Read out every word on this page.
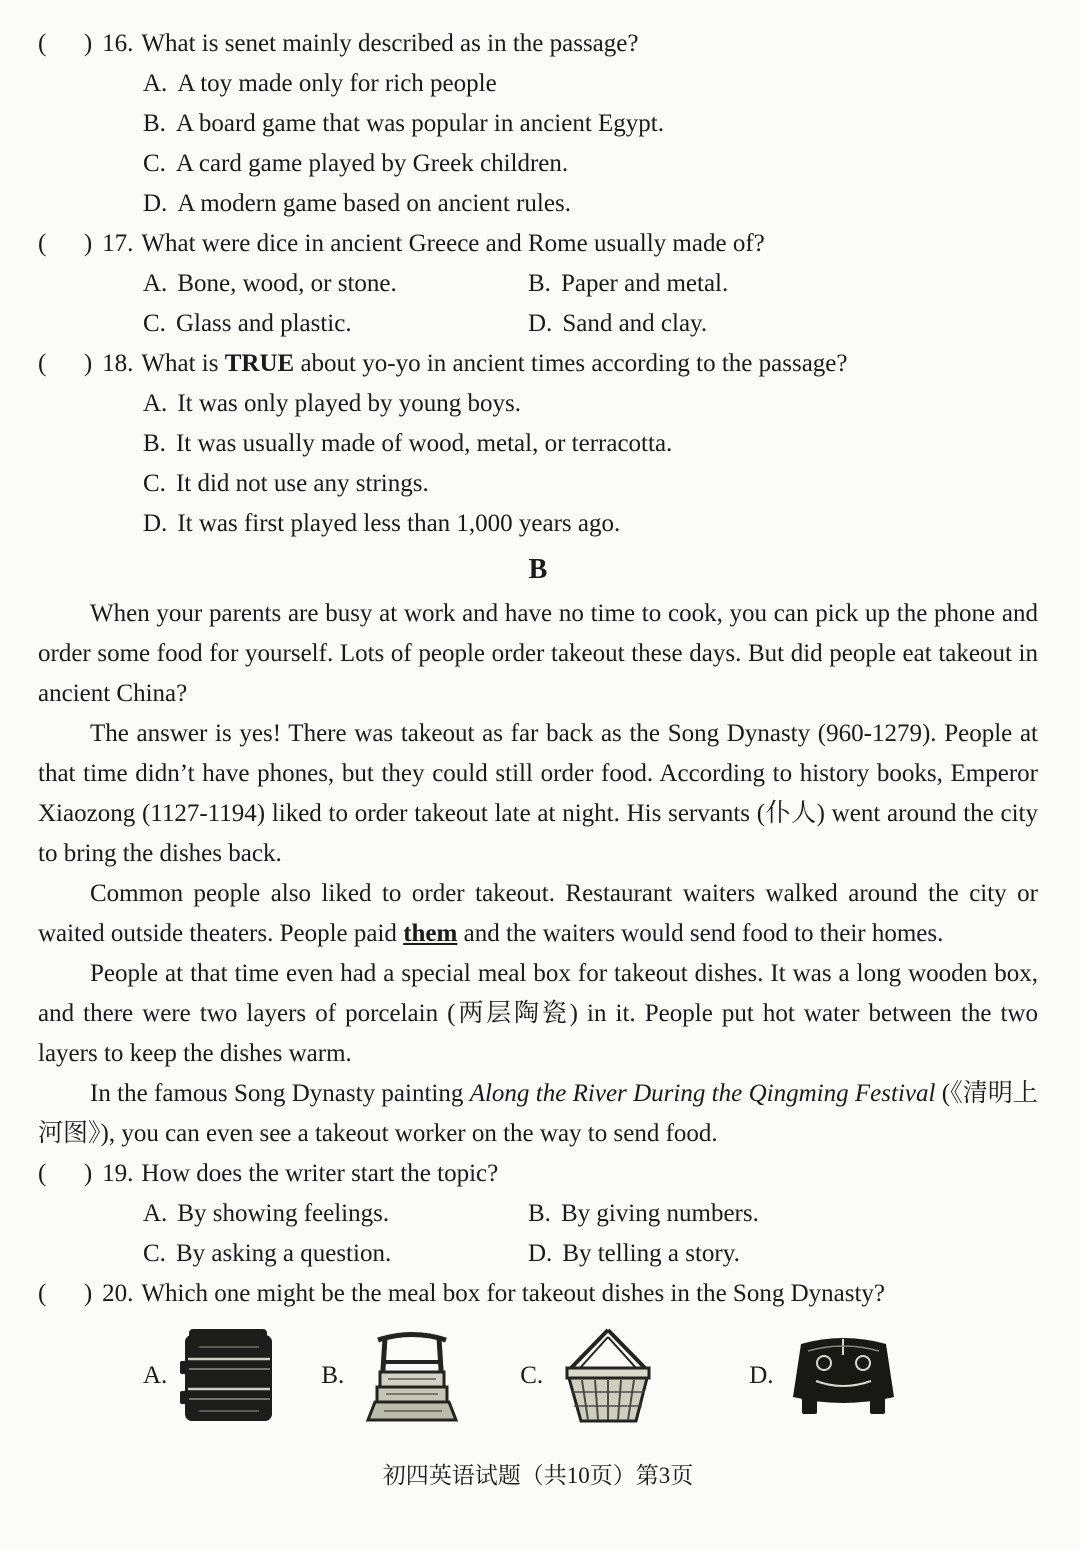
(  ) 16. What is senet mainly described as in the passage?
A. A toy made only for rich people
B. A board game that was popular in ancient Egypt.
C. A card game played by Greek children.
D. A modern game based on ancient rules.
(  ) 17. What were dice in ancient Greece and Rome usually made of?
A. Bone, wood, or stone.	B. Paper and metal.
C. Glass and plastic.	D. Sand and clay.
(  ) 18. What is TRUE about yo-yo in ancient times according to the passage?
A. It was only played by young boys.
B. It was usually made of wood, metal, or terracotta.
C. It did not use any strings.
D. It was first played less than 1,000 years ago.
B

When your parents are busy at work and have no time to cook, you can pick up the phone and order some food for yourself. Lots of people order takeout these days. But did people eat takeout in ancient China?

The answer is yes! There was takeout as far back as the Song Dynasty (960-1279). People at that time didn’t have phones, but they could still order food. According to history books, Emperor Xiaozong (1127-1194) liked to order takeout late at night. His servants (仆人) went around the city to bring the dishes back.

Common people also liked to order takeout. Restaurant waiters walked around the city or waited outside theaters. People paid them and the waiters would send food to their homes.

People at that time even had a special meal box for takeout dishes. It was a long wooden box, and there were two layers of porcelain (两层陶瓷) in it. People put hot water between the two layers to keep the dishes warm.

In the famous Song Dynasty painting Along the River During the Qingming Festival (《清明上河图》), you can even see a takeout worker on the way to send food.

(  ) 19. How does the writer start the topic?
A. By showing feelings.	B. By giving numbers.
C. By asking a question.	D. By telling a story.
(  ) 20. Which one might be the meal box for takeout dishes in the Song Dynasty?
A.	B.	C.	D.
初四英语试题（共10页）第3页
